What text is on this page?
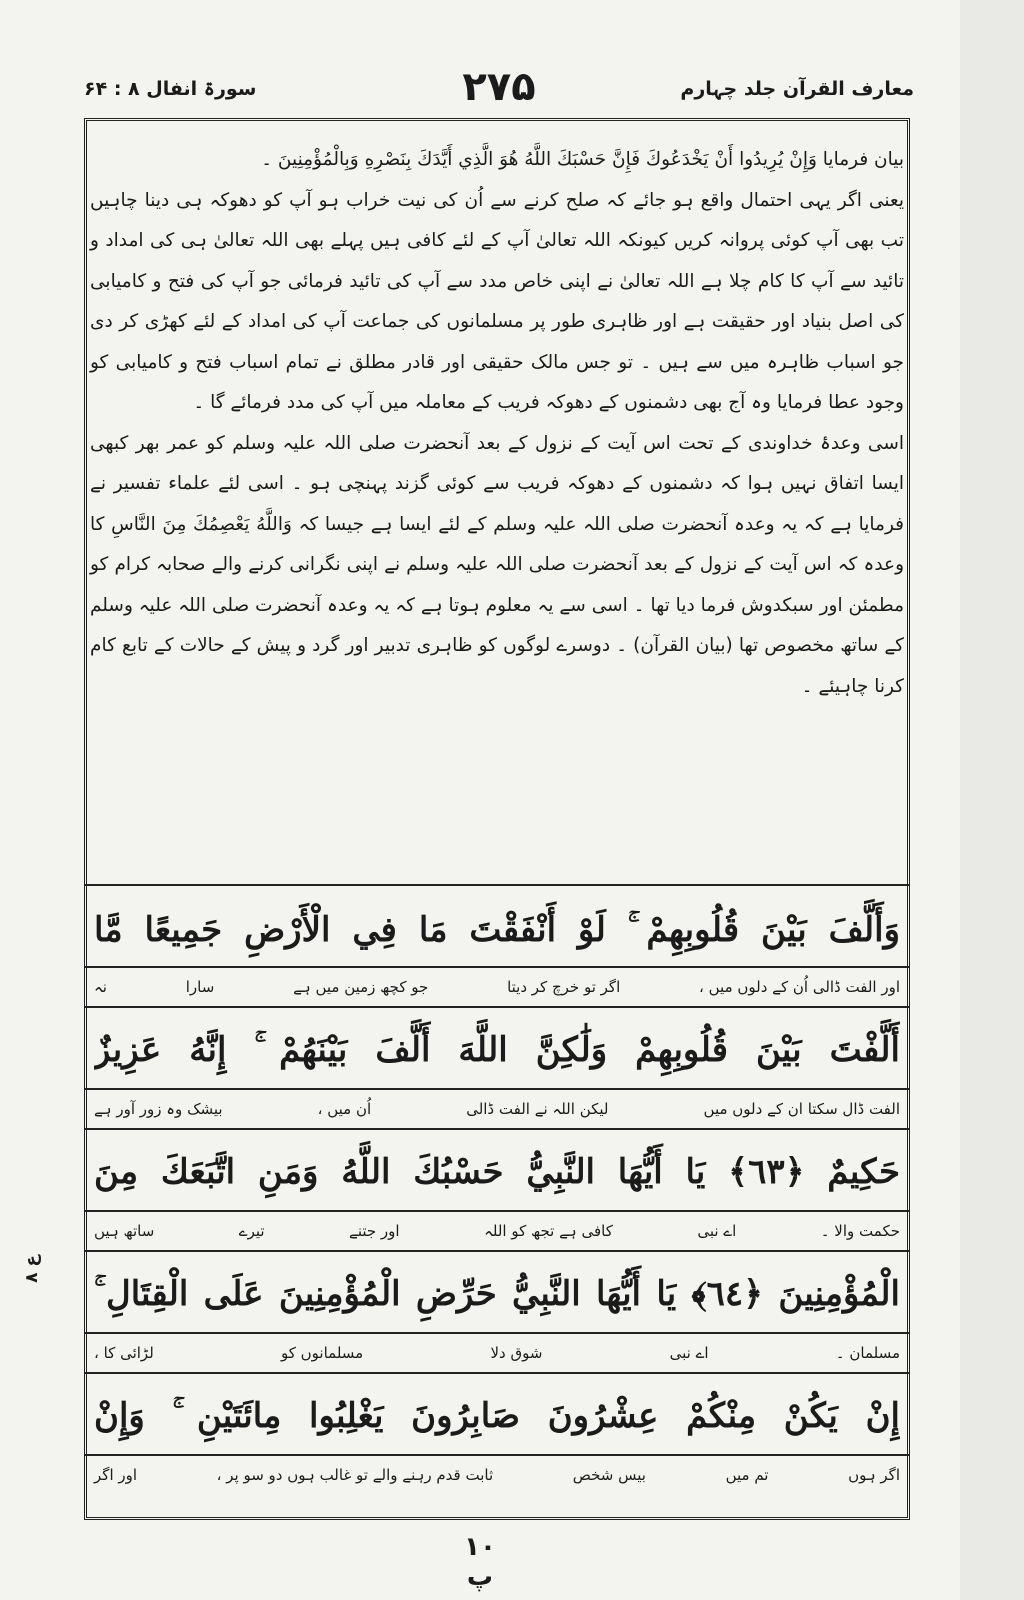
معارف القرآن جلد چہارم
۲۷۵
سورۃ انفال ۸ : ۶۴

بیان فرمایا وَإِنْ يُرِيدُوا أَنْ يَخْدَعُوكَ فَإِنَّ حَسْبَكَ اللَّهُ هُوَ الَّذِي أَيَّدَكَ بِنَصْرِهِ وَبِالْمُؤْمِنِينَ ۔

یعنی اگر یہی احتمال واقع ہو جائے کہ صلح کرنے سے اُن کی نیت خراب ہو آپ کو دھوکہ ہی دینا چاہیں تب بھی آپ کوئی پروانہ کریں کیونکہ اللہ تعالیٰ آپ کے لئے کافی ہیں پہلے بھی اللہ تعالیٰ ہی کی امداد و تائید سے آپ کا کام چلا ہے اللہ تعالیٰ نے اپنی خاص مدد سے آپ کی تائید فرمائی جو آپ کی فتح و کامیابی کی اصل بنیاد اور حقیقت ہے اور ظاہری طور پر مسلمانوں کی جماعت آپ کی امداد کے لئے کھڑی کر دی جو اسباب ظاہرہ میں سے ہیں ۔ تو جس مالک حقیقی اور قادر مطلق نے تمام اسباب فتح و کامیابی کو وجود عطا فرمایا وہ آج بھی دشمنوں کے دھوکہ فریب کے معاملہ میں آپ کی مدد فرمائے گا ۔

اسی وعدۂ خداوندی کے تحت اس آیت کے نزول کے بعد آنحضرت صلی اللہ علیہ وسلم کو عمر بھر کبھی ایسا اتفاق نہیں ہوا کہ دشمنوں کے دھوکہ فریب سے کوئی گزند پہنچی ہو ۔ اسی لئے علماء تفسیر نے فرمایا ہے کہ یہ وعدہ آنحضرت صلی اللہ علیہ وسلم کے لئے ایسا ہے جیسا کہ وَاللَّهُ يَعْصِمُكَ مِنَ النَّاسِ کا وعدہ کہ اس آیت کے نزول کے بعد آنحضرت صلی اللہ علیہ وسلم نے اپنی نگرانی کرنے والے صحابہ کرام کو مطمئن اور سبکدوش فرما دیا تھا ۔ اسی سے یہ معلوم ہوتا ہے کہ یہ وعدہ آنحضرت صلی اللہ علیہ وسلم کے ساتھ مخصوص تھا (بیان القرآن) ۔ دوسرے لوگوں کو ظاہری تدبیر اور گرد و پیش کے حالات کے تابع کام کرنا چاہیئے ۔

وَأَلَّفَ بَيْنَ قُلُوبِهِمْ ۚ لَوْ أَنْفَقْتَ مَا فِي الْأَرْضِ جَمِيعًا مَّا
اور الفت ڈالی اُن کے دلوں میں ،
اگر تو خرچ کر دیتا
جو کچھ زمین میں ہے
سارا
نہ
أَلَّفْتَ بَيْنَ قُلُوبِهِمْ وَلَٰكِنَّ اللَّهَ أَلَّفَ بَيْنَهُمْ ۚ إِنَّهُ عَزِيزٌ
الفت ڈال سکتا ان کے دلوں میں
لیکن اللہ نے الفت ڈالی
اُن میں ،
بیشک وہ زور آور ہے
حَكِيمٌ ﴿٦٣﴾ يَا أَيُّهَا النَّبِيُّ حَسْبُكَ اللَّهُ وَمَنِ اتَّبَعَكَ مِنَ
حکمت والا ۔
اے نبی
کافی ہے تجھ کو اللہ
اور جتنے
تیرے
ساتھ ہیں
الْمُؤْمِنِينَ ﴿٦٤﴾ يَا أَيُّهَا النَّبِيُّ حَرِّضِ الْمُؤْمِنِينَ عَلَى الْقِتَالِ ۚ
مسلمان ۔
اے نبی
شوق دلا
مسلمانوں کو
لڑائی کا ،
إِنْ يَكُنْ مِنْكُمْ عِشْرُونَ صَابِرُونَ يَغْلِبُوا مِائَتَيْنِ ۚ وَإِنْ
اگر ہوں
تم میں
بیس شخص
ثابت قدم رہنے والے تو غالب ہوں دو سو پر ،
اور اگر
ع ۸
۱۰ پ
